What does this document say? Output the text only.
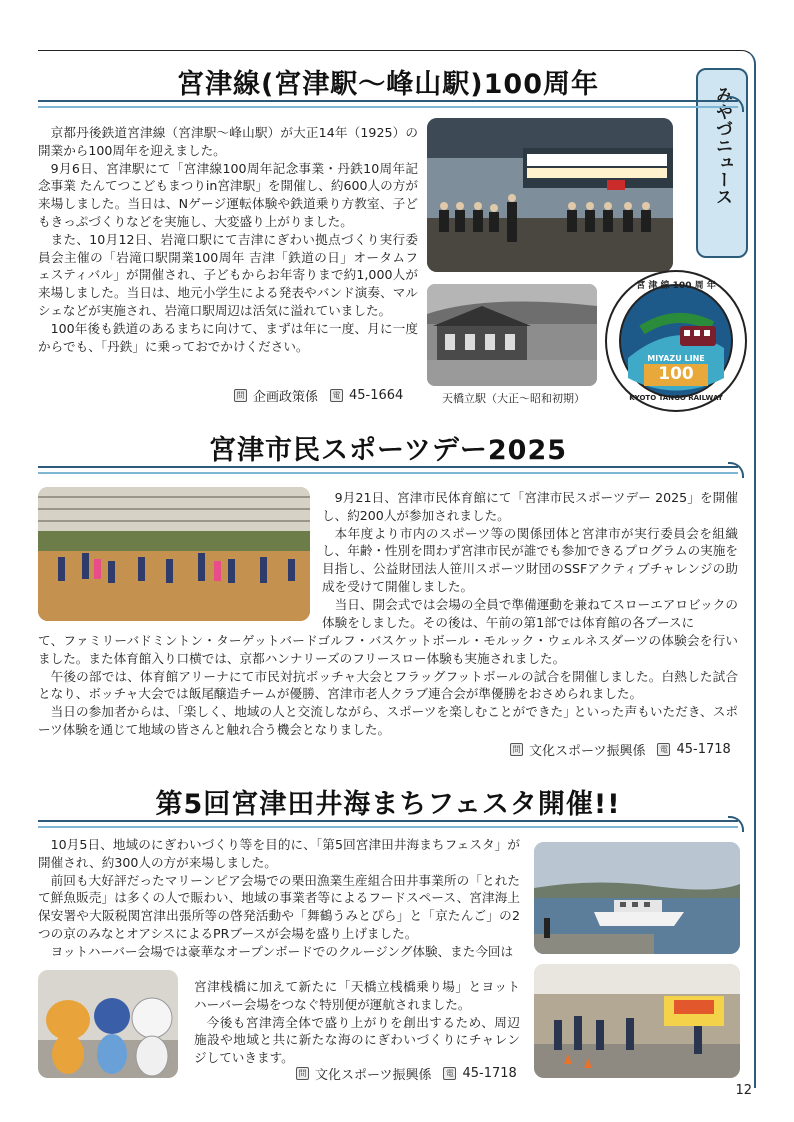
みやづニュース
宮津線(宮津駅～峰山駅)100周年

京都丹後鉄道宮津線（宮津駅～峰山駅）が大正14年（1925）の開業から100周年を迎えました。

9月6日、宮津駅にて「宮津線100周年記念事業・丹鉄10周年記念事業 たんてつこどもまつりin宮津駅」を開催し、約600人の方が来場しました。当日は、Nゲージ運転体験や鉄道乗り方教室、子どもきっぷづくりなどを実施し、大変盛り上がりました。

また、10月12日、岩滝口駅にて吉津にぎわい拠点づくり実行委員会主催の「岩滝口駅開業100周年 吉津「鉄道の日」オータムフェスティバル」が開催され、子どもからお年寄りまで約1,000人が来場しました。当日は、地元小学生による発表やバンド演奏、マルシェなどが実施され、岩滝口駅周辺は活気に溢れていました。

100年後も鉄道のあるまちに向けて、まずは年に一度、月に一度からでも、「丹鉄」に乗っておでかけください。

問 企画政策係	電 45-1664	天橋立駅（大正～昭和初期）
宮 津 線 100 周 年
MIYAZU LINE
100
KYOTO TANGO RAILWAY
宮津市民スポーツデー2025

9月21日、宮津市民体育館にて「宮津市民スポーツデー 2025」を開催し、約200人が参加されました。

本年度より市内のスポーツ等の関係団体と宮津市が実行委員会を組織し、年齢・性別を問わず宮津市民が誰でも参加できるプログラムの実施を目指し、公益財団法人笹川スポーツ財団のSSFアクティブチャレンジの助成を受けて開催しました。

当日、開会式では会場の全員で準備運動を兼ねてスローエアロビックの体験をしました。その後は、午前の第1部では体育館の各ブースに

て、ファミリーバドミントン・ターゲットバードゴルフ・バスケットボール・モルック・ウェルネスダーツの体験会を行いました。また体育館入り口横では、京都ハンナリーズのフリースロー体験も実施されました。

午後の部では、体育館アリーナにて市民対抗ボッチャ大会とフラッグフットボールの試合を開催しました。白熱した試合となり、ボッチャ大会では飯尾醸造チームが優勝、宮津市老人クラブ連合会が準優勝をおさめられました。

当日の参加者からは、｢楽しく、地域の人と交流しながら、スポーツを楽しむことができた｣ といった声もいただき、スポーツ体験を通じて地域の皆さんと触れ合う機会となりました。

問 文化スポーツ振興係	電 45-1718
第5回宮津田井海まちフェスタ開催!!

10月5日、地域のにぎわいづくり等を目的に、「第5回宮津田井海まちフェスタ」が開催され、約300人の方が来場しました。

前回も大好評だったマリーンピア会場での栗田漁業生産組合田井事業所の「とれたて鮮魚販売」は多くの人で賑わい、地域の事業者等によるフードスペース、宮津海上保安署や大阪税関宮津出張所等の啓発活動や「舞鶴うみとぴら」と「京たんご」の2つの京のみなとオアシスによるPRブースが会場を盛り上げました。

ヨットハーバー会場では豪華なオープンボードでのクルージング体験、また今回は

宮津桟橋に加えて新たに「天橋立桟橋乗り場」とヨットハーバー会場をつなぐ特別便が運航されました。

今後も宮津湾全体で盛り上がりを創出するため、周辺施設や地域と共に新たな海のにぎわいづくりにチャレンジしていきます。

問 文化スポーツ振興係	電 45-1718
12
